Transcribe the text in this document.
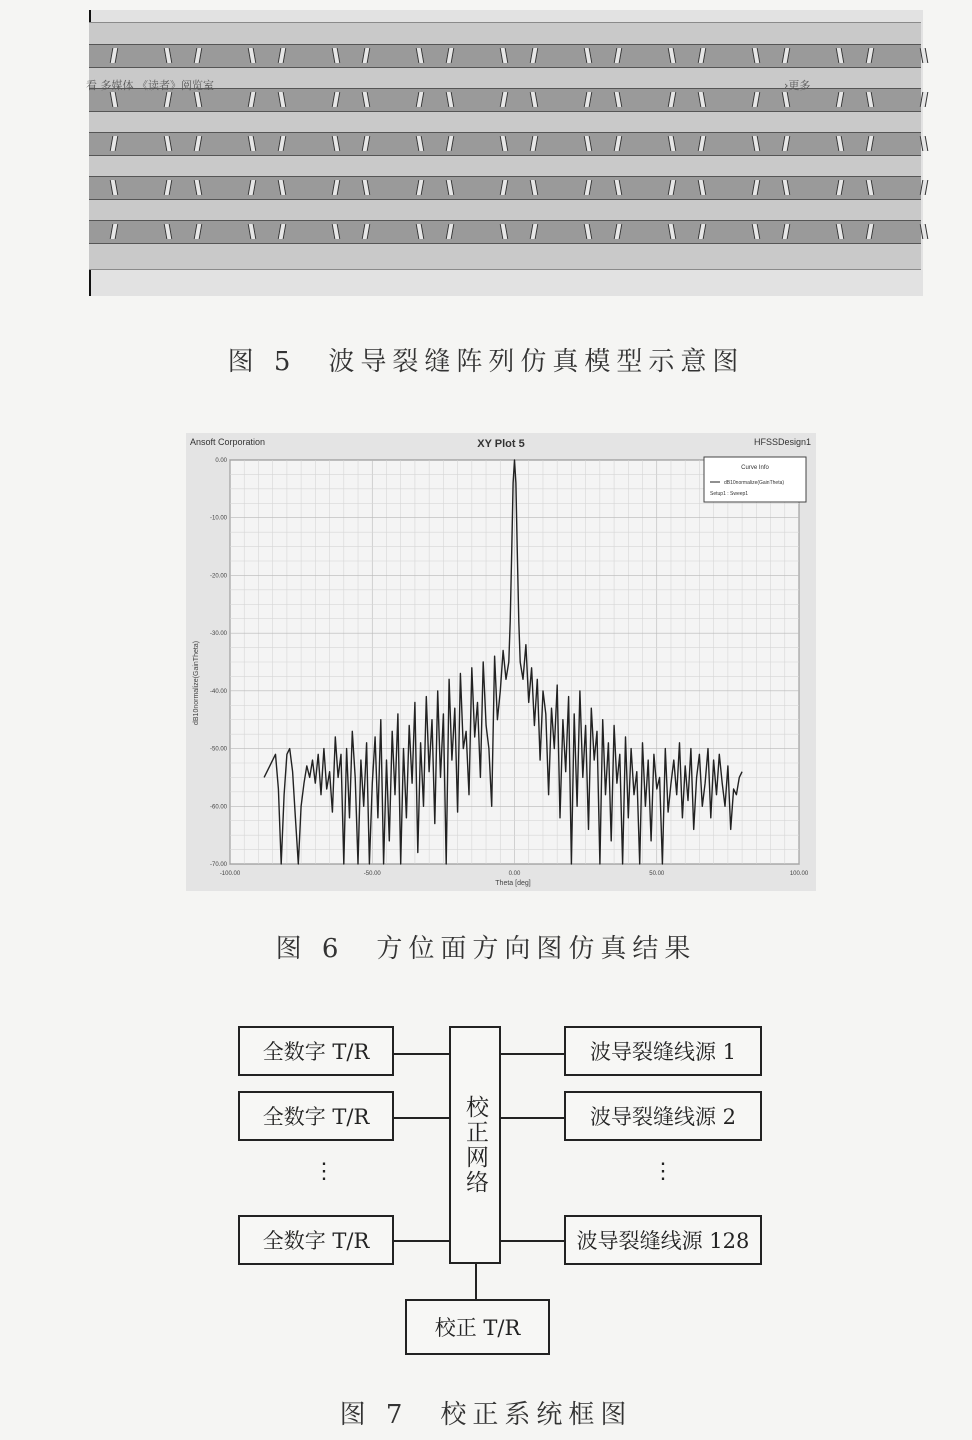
看 多媒体 《读者》阅览室	›更多
图 5　波导裂缝阵列仿真模型示意图
Ansoft Corporation	HFSSDesign1
XY Plot 5
-100.00	-50.00	0.00	50.00	100.00
0.00
-10.00
-20.00
-30.00
-40.00
-50.00
-60.00
-70.00
Curve Info
dB10normalize(GainTheta)
Setup1 : Sweep1
Theta [deg]
dB10normalize(GainTheta)
图 6　方位面方向图仿真结果
全数字 T/R
全数字 T/R
⋮
全数字 T/R
校正网络
波导裂缝线源 1
波导裂缝线源 2
⋮
波导裂缝线源 128
校正 T/R
图 7　校正系统框图
